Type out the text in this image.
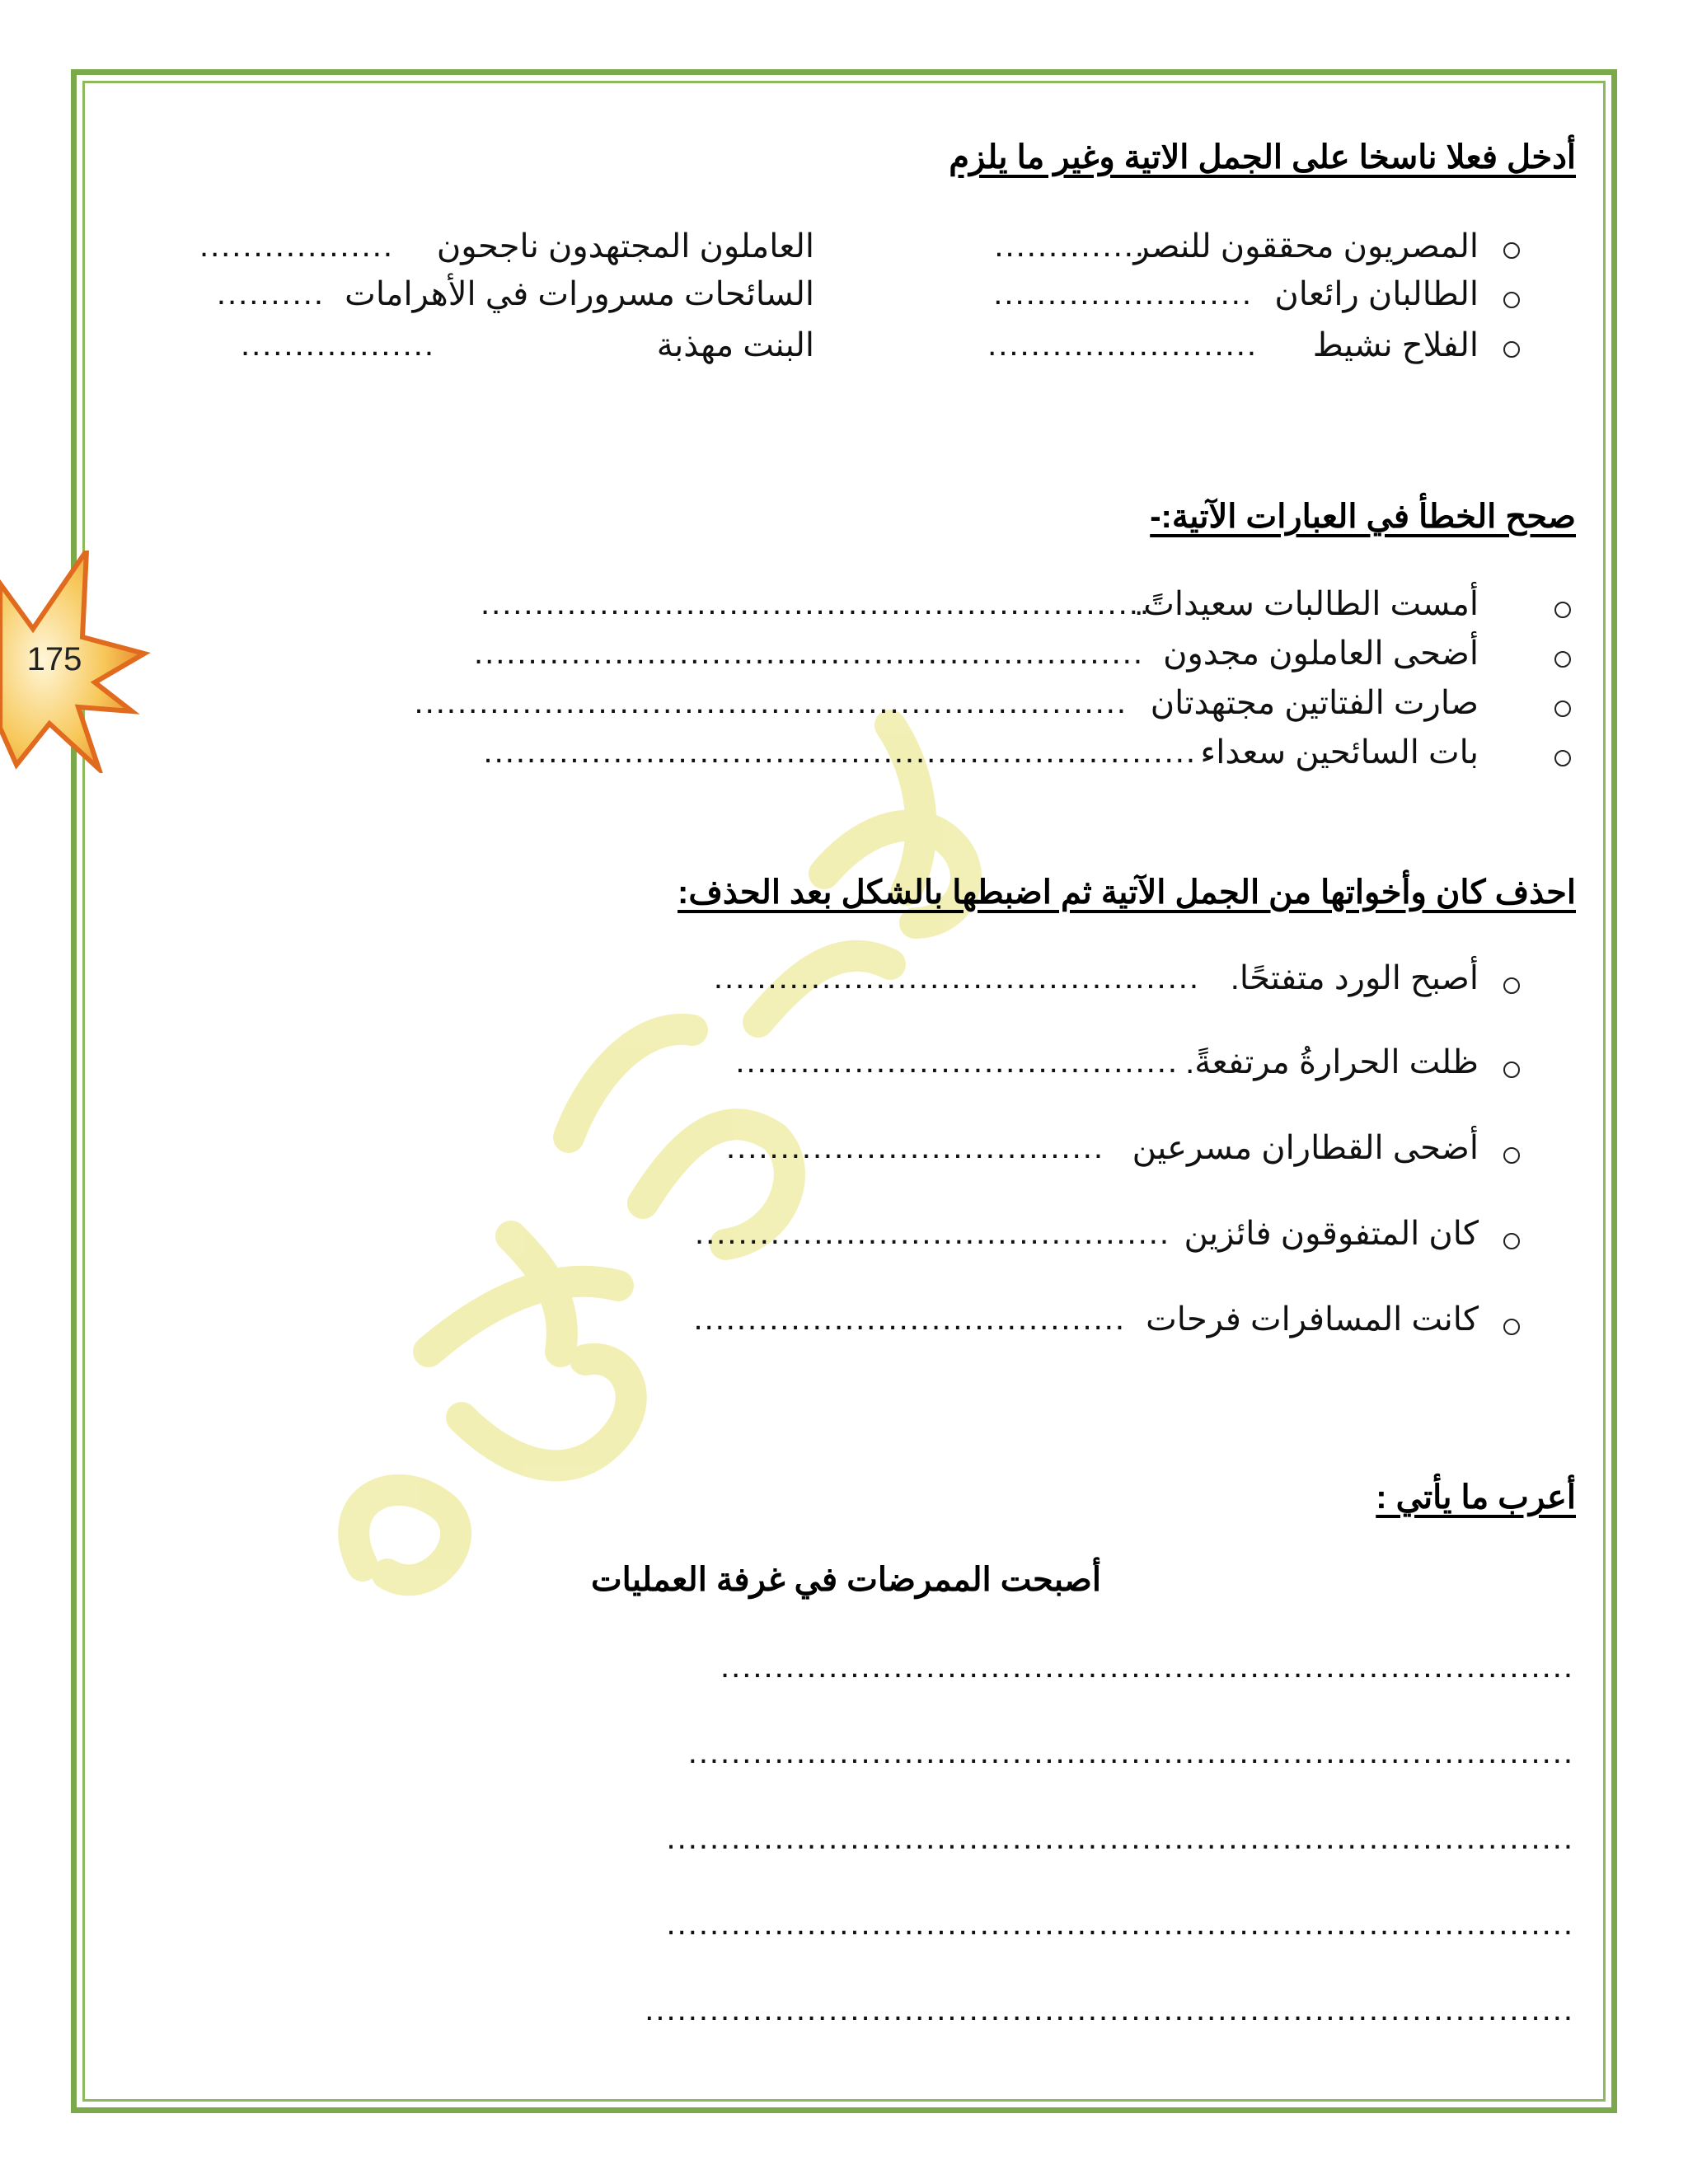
175
أدخل فعلا ناسخا على الجمل الاتية وغير ما يلزم
المصريون محققون للنصر
..............
الطالبان رائعان
........................
الفلاح نشيط
.........................
العاملون المجتهدون ناجحون
..................
السائحات مسرورات في الأهرامات
..........
البنت مهذبة
..................
صحح الخطأ في العبارات الآتية:-
أمست الطالبات سعيداتً.
..............................................................
أضحى العاملون مجدون
..............................................................
صارت الفتاتين مجتهدتان
..................................................................
بات السائحين سعداء
..................................................................
احذف كان وأخواتها من الجمل الآتية ثم اضبطها بالشكل بعد الحذف:
أصبح الورد متفتحًا.
.............................................
ظلت الحرارةُ مرتفعةً.
.........................................
أضحى القطاران مسرعين
...................................
كان المتفوقون فائزين
............................................
كانت المسافرات فرحات
........................................
أعرب ما يأتي :
أصبحت الممرضات في غرفة العمليات
...............................................................................
..................................................................................
....................................................................................
....................................................................................
......................................................................................
